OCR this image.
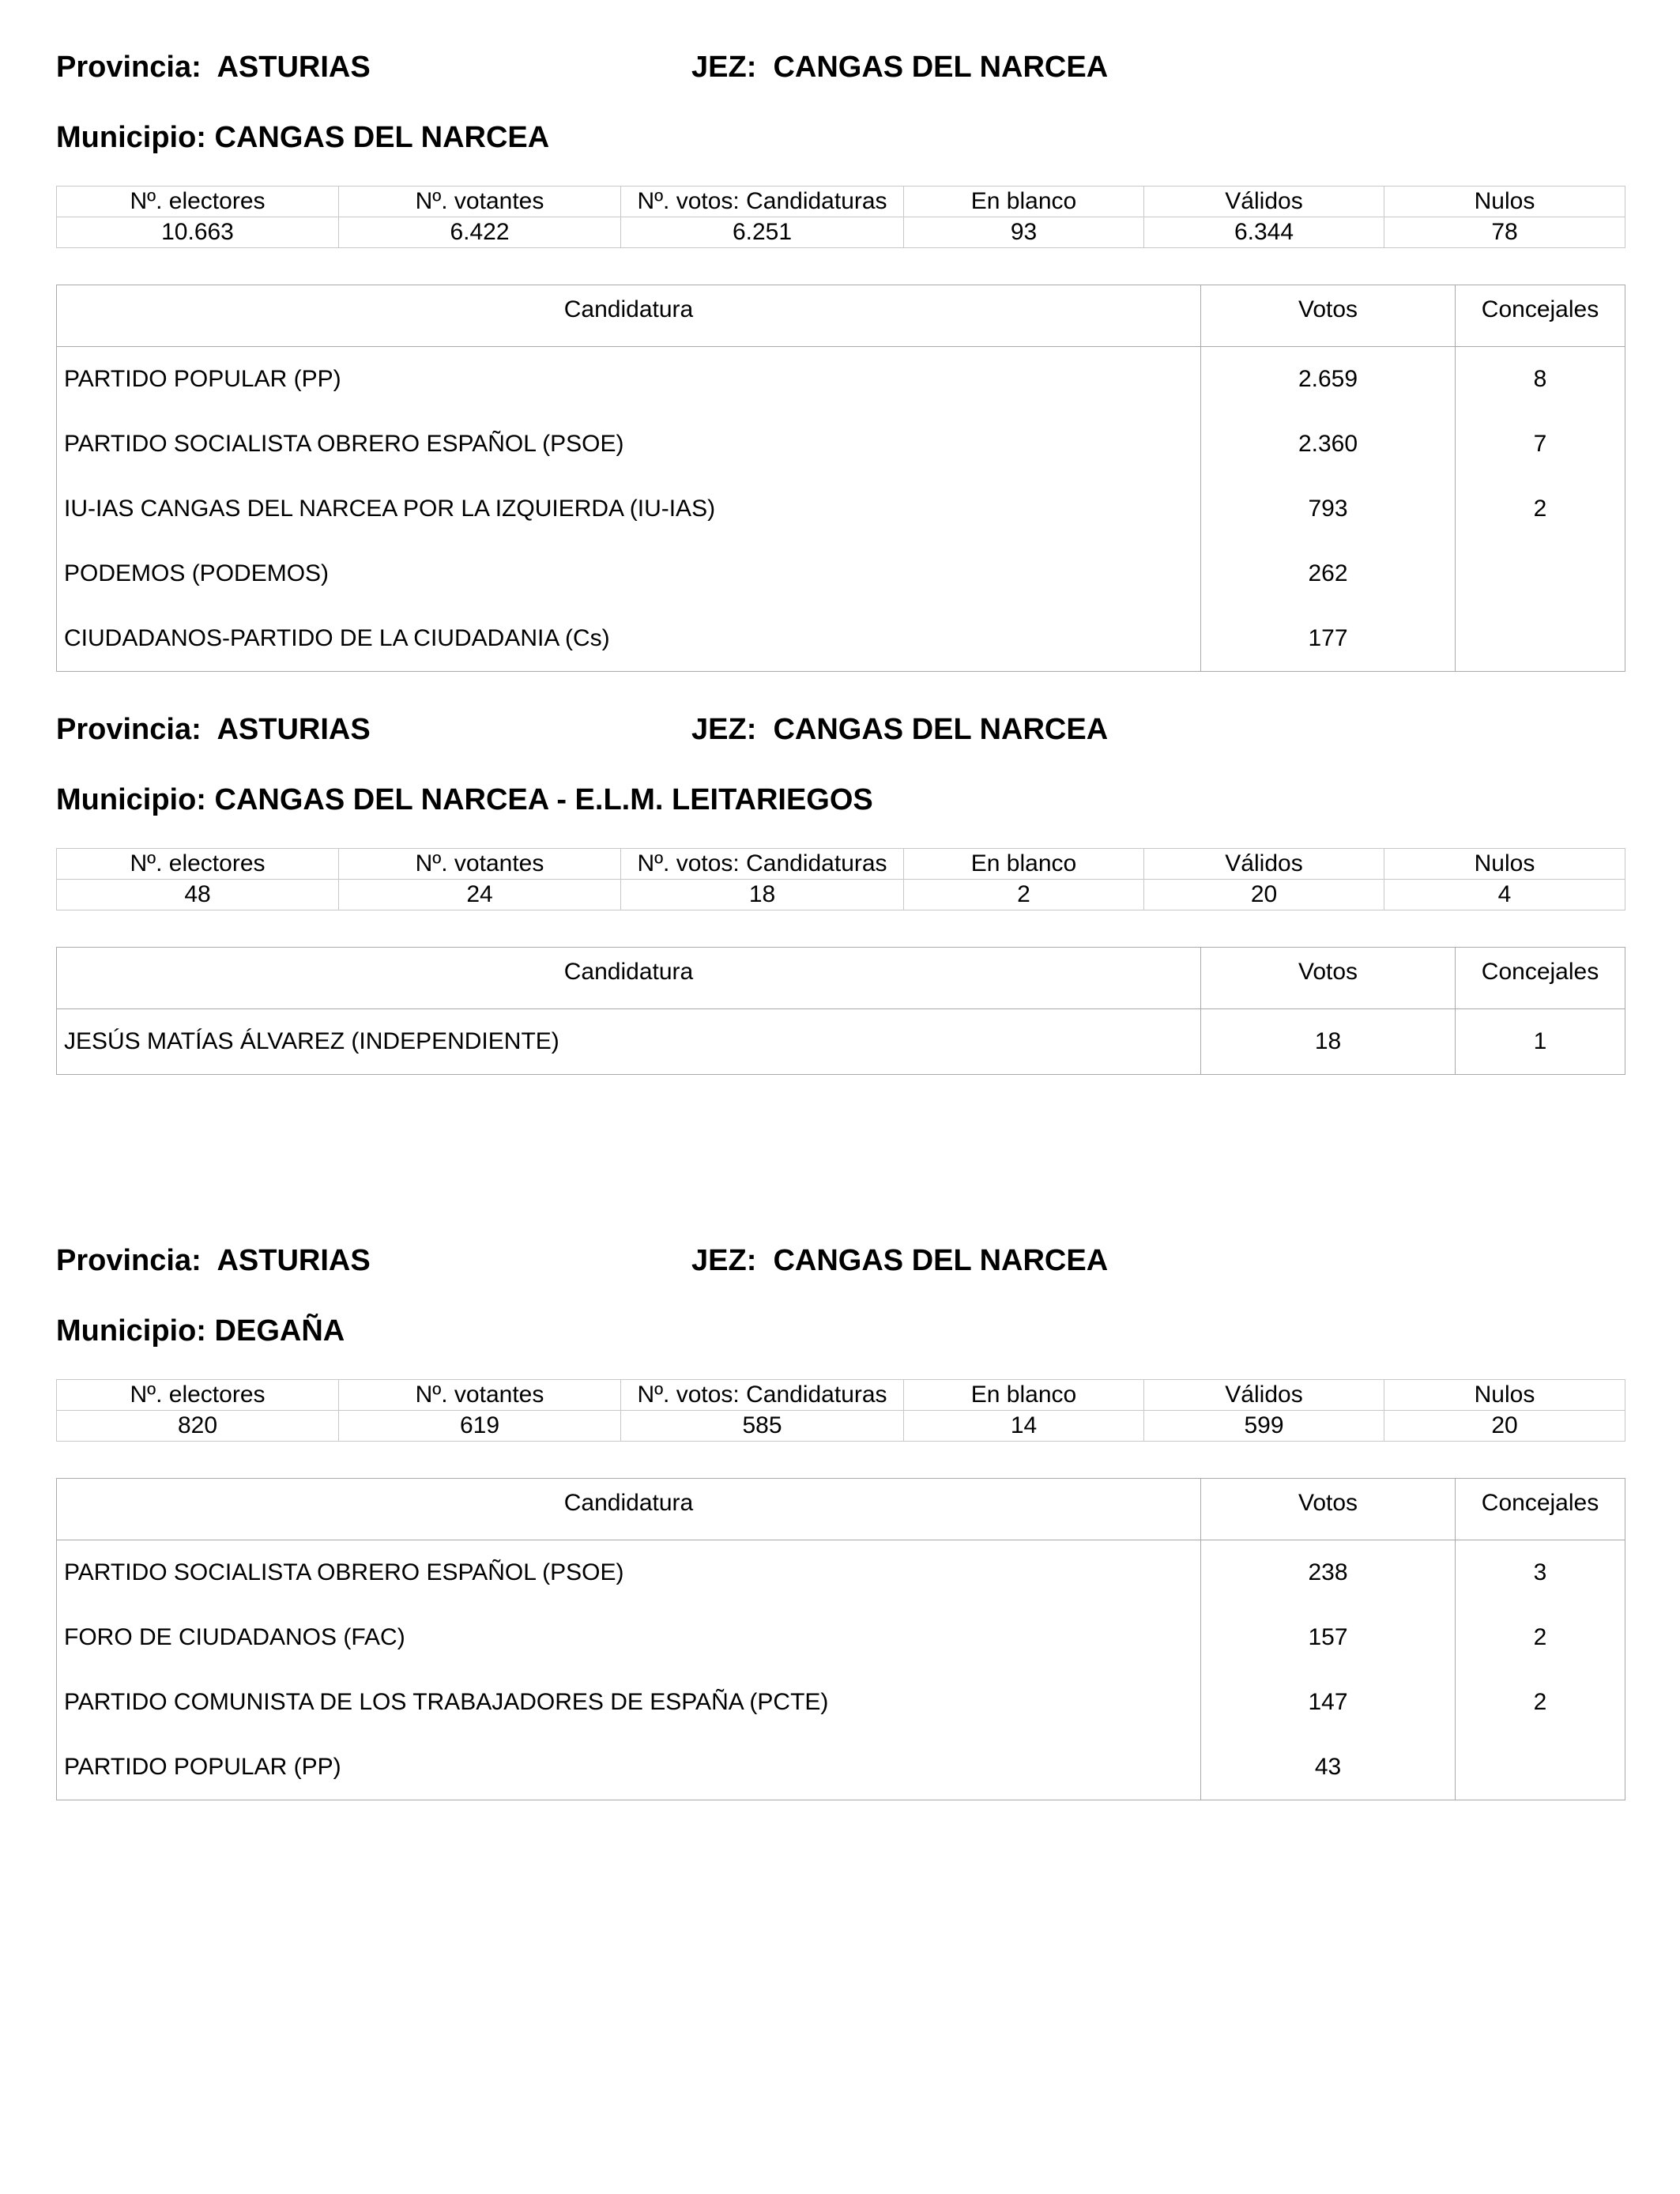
Provincia: ASTURIAS	JEZ: CANGAS DEL NARCEA
Municipio: CANGAS DEL NARCEA
Nº. electores	Nº. votantes	Nº. votos: Candidaturas	En blanco	Válidos	Nulos
10.663	6.422	6.251	93	6.344	78
Candidatura	Votos	Concejales
PARTIDO POPULAR (PP)	2.659	8
PARTIDO SOCIALISTA OBRERO ESPAÑOL (PSOE)	2.360	7
IU-IAS CANGAS DEL NARCEA POR LA IZQUIERDA (IU-IAS)	793	2
PODEMOS (PODEMOS)	262	
CIUDADANOS-PARTIDO DE LA CIUDADANIA (Cs)	177	
Provincia: ASTURIAS	JEZ: CANGAS DEL NARCEA
Municipio: CANGAS DEL NARCEA - E.L.M. LEITARIEGOS
Nº. electores	Nº. votantes	Nº. votos: Candidaturas	En blanco	Válidos	Nulos
48	24	18	2	20	4
Candidatura	Votos	Concejales
JESÚS MATÍAS ÁLVAREZ (INDEPENDIENTE)	18	1
Provincia: ASTURIAS	JEZ: CANGAS DEL NARCEA
Municipio: DEGAÑA
Nº. electores	Nº. votantes	Nº. votos: Candidaturas	En blanco	Válidos	Nulos
820	619	585	14	599	20
Candidatura	Votos	Concejales
PARTIDO SOCIALISTA OBRERO ESPAÑOL (PSOE)	238	3
FORO DE CIUDADANOS (FAC)	157	2
PARTIDO COMUNISTA DE LOS TRABAJADORES DE ESPAÑA (PCTE)	147	2
PARTIDO POPULAR (PP)	43	
